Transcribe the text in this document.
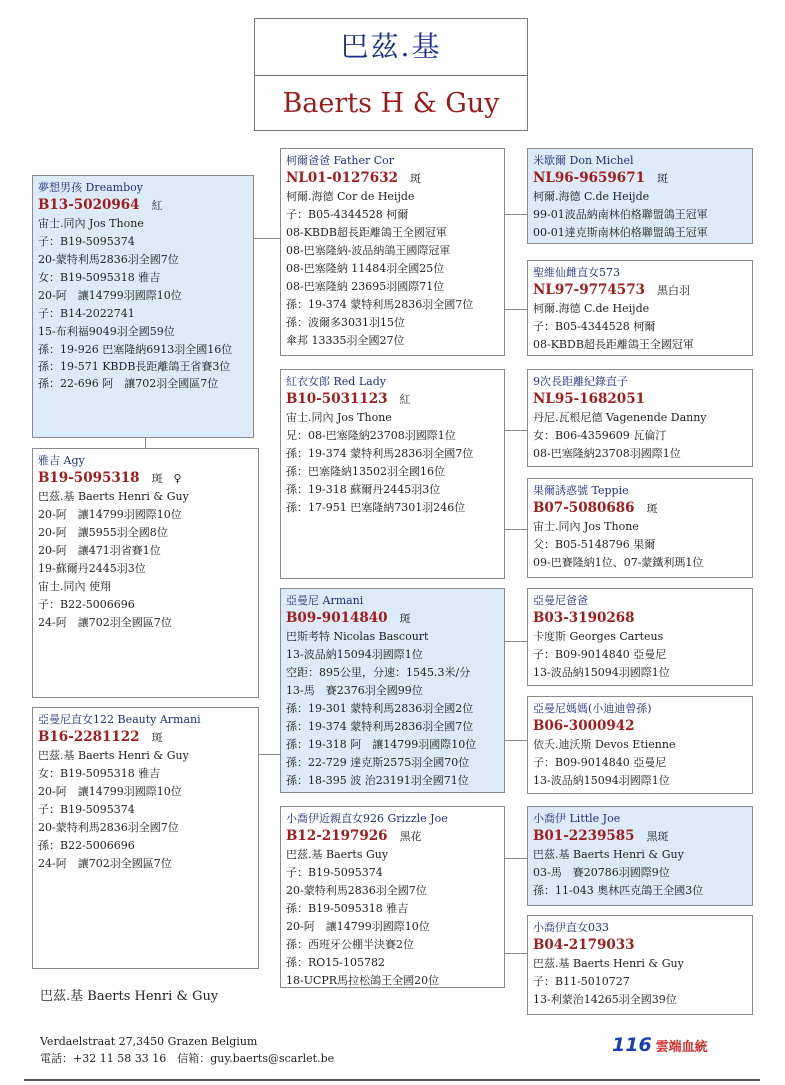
巴茲.基
Baerts H & Guy
夢想男孩 Dreamboy
B13-5020964 紅
宙士.同內 Jos Thone
子：B19-5095374
20-蒙特利馬2836羽全國7位
女：B19-5095318 雅吉
20-阿　讓14799羽國際10位
子：B14-2022741
15-布利福9049羽全國59位
孫：19-926 巴塞隆納6913羽全國16位
孫：19-571 KBDB長距離鴿王省賽3位
孫：22-696 阿　讓702羽全國區7位
柯爾爸爸 Father Cor
NL01-0127632 斑
柯爾.海德 Cor de Heijde
子：B05-4344528 柯爾
08-KBDB超長距離鴿王全國冠軍
08-巴塞隆納-波品納鴿王國際冠軍
08-巴塞隆納 11484羽全國25位
08-巴塞隆納 23695羽國際71位
孫：19-374 蒙特利馬2836羽全國7位
孫：波爾多3031羽15位
傘邦 13335羽全國27位
紅衣女郎 Red Lady
B10-5031123 紅
宙士.同內 Jos Thone
兄：08-巴塞隆納23708羽國際1位
孫：19-374 蒙特利馬2836羽全國7位
孫：巴塞隆納13502羽全國16位
孫：19-318 蘇爾丹2445羽3位
孫：17-951 巴塞隆納7301羽246位
米歇爾 Don Michel
NL96-9659671 斑
柯爾.海德 C.de Heijde
99-01波品納南林伯格聯盟鴿王冠軍
00-01達克斯南林伯格聯盟鴿王冠軍
聖維仙雌直女573
NL97-9774573 黑白羽
柯爾.海德 C.de Heijde
子：B05-4344528 柯爾
08-KBDB超長距離鴿王全國冠軍
9次長距離紀錄直子
NL95-1682051
丹尼.瓦根尼德 Vagenende Danny
女：B06-4359609 瓦倫汀
08-巴塞隆納23708羽國際1位
果爾誘惑號 Teppie
B07-5080686 斑
宙士.同內 Jos Thone
父：B05-5148796 果爾
09-巴賽隆納1位、07-蒙鐵利瑪1位
雅吉 Agy
B19-5095318 斑　♀
巴茲.基 Baerts Henri & Guy
20-阿　讓14799羽國際10位
20-阿　讓5955羽全國8位
20-阿　讓471羽省賽1位
19-蘇爾丹2445羽3位
宙士.同內 使翔
子：B22-5006696
24-阿　讓702羽全國區7位
亞曼尼 Armani
B09-9014840 斑
巴斯考特 Nicolas Bascourt
13-波品納15094羽國際1位
空距：895公里，分速：1545.3米/分
13-馬　賽2376羽全國99位
孫：19-301 蒙特利馬2836羽全國2位
孫：19-374 蒙特利馬2836羽全國7位
孫：19-318 阿　讓14799羽國際10位
孫：22-729 達克斯2575羽全國70位
孫：18-395 波 治23191羽全國71位
亞曼尼爸爸
B03-3190268
卡度斯 Georges Carteus
子：B09-9014840 亞曼尼
13-波品納15094羽國際1位
亞曼尼媽媽(小迪迪曾孫)
B06-3000942
依夭.迪沃斯 Devos Etienne
子：B09-9014840 亞曼尼
13-波品納15094羽國際1位
亞曼尼直女122 Beauty Armani
B16-2281122 斑
巴茲.基 Baerts Henri & Guy
女：B19-5095318 雅吉
20-阿　讓14799羽國際10位
子：B19-5095374
20-蒙特利馬2836羽全國7位
孫：B22-5006696
24-阿　讓702羽全國區7位
小喬伊近親直女926 Grizzle Joe
B12-2197926 黑花
巴茲.基 Baerts Guy
子：B19-5095374
20-蒙特利馬2836羽全國7位
孫：B19-5095318 雅吉
20-阿　讓14799羽國際10位
孫：西班牙公棚半決賽2位
孫：RO15-105782
18-UCPR馬拉松鴿王全國20位
小喬伊 Little Joe
B01-2239585 黑斑
巴茲.基 Baerts Henri & Guy
03-馬　賽20786羽國際9位
孫：11-043 奧林匹克鴿王全國3位
小喬伊直女033
B04-2179033
巴茲.基 Baerts Henri & Guy
子：B11-5010727
13-利蒙治14265羽全國39位
巴茲.基 Baerts Henri & Guy
Verdaelstraat 27,3450 Grazen Belgium
電話：+32 11 58 33 16　信箱：guy.baerts@scarlet.be
116 雲端血統
